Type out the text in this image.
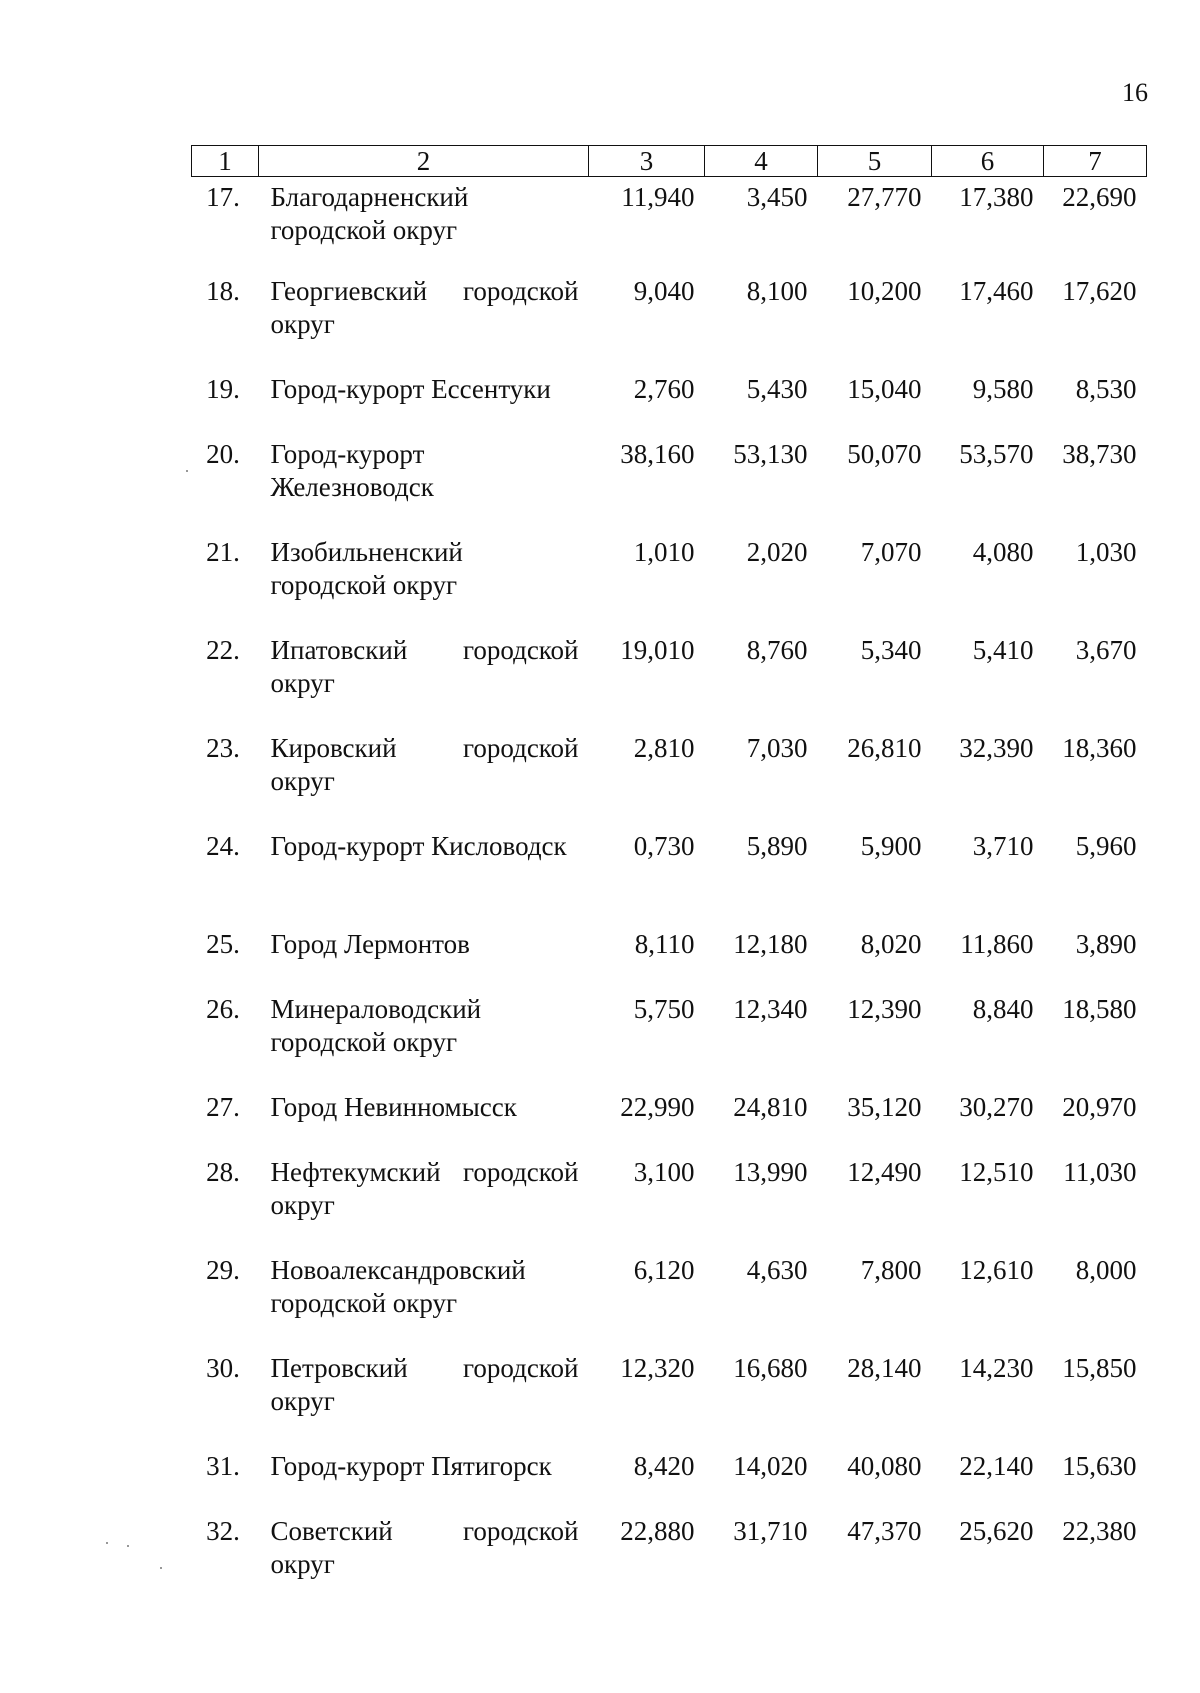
16
1	2	3	4	5	6	7
17.	Благодарненский городской округ	11,940	3,450	27,770	17,380	22,690
18.	Георгиевский городской округ	9,040	8,100	10,200	17,460	17,620
19.	Город-курорт Ессентуки	2,760	5,430	15,040	9,580	8,530
20.	Город-курорт Железноводск	38,160	53,130	50,070	53,570	38,730
21.	Изобильненский городской округ	1,010	2,020	7,070	4,080	1,030
22.	Ипатовский городской округ	19,010	8,760	5,340	5,410	3,670
23.	Кировский городской округ	2,810	7,030	26,810	32,390	18,360
24.	Город-курорт Кисловодск	0,730	5,890	5,900	3,710	5,960
25.	Город Лермонтов	8,110	12,180	8,020	11,860	3,890
26.	Минераловодский городской округ	5,750	12,340	12,390	8,840	18,580
27.	Город Невинномысск	22,990	24,810	35,120	30,270	20,970
28.	Нефтекумский городской округ	3,100	13,990	12,490	12,510	11,030
29.	Новоалександровский городской округ	6,120	4,630	7,800	12,610	8,000
30.	Петровский городской округ	12,320	16,680	28,140	14,230	15,850
31.	Город-курорт Пятигорск	8,420	14,020	40,080	22,140	15,630
32.	Советский городской округ	22,880	31,710	47,370	25,620	22,380
